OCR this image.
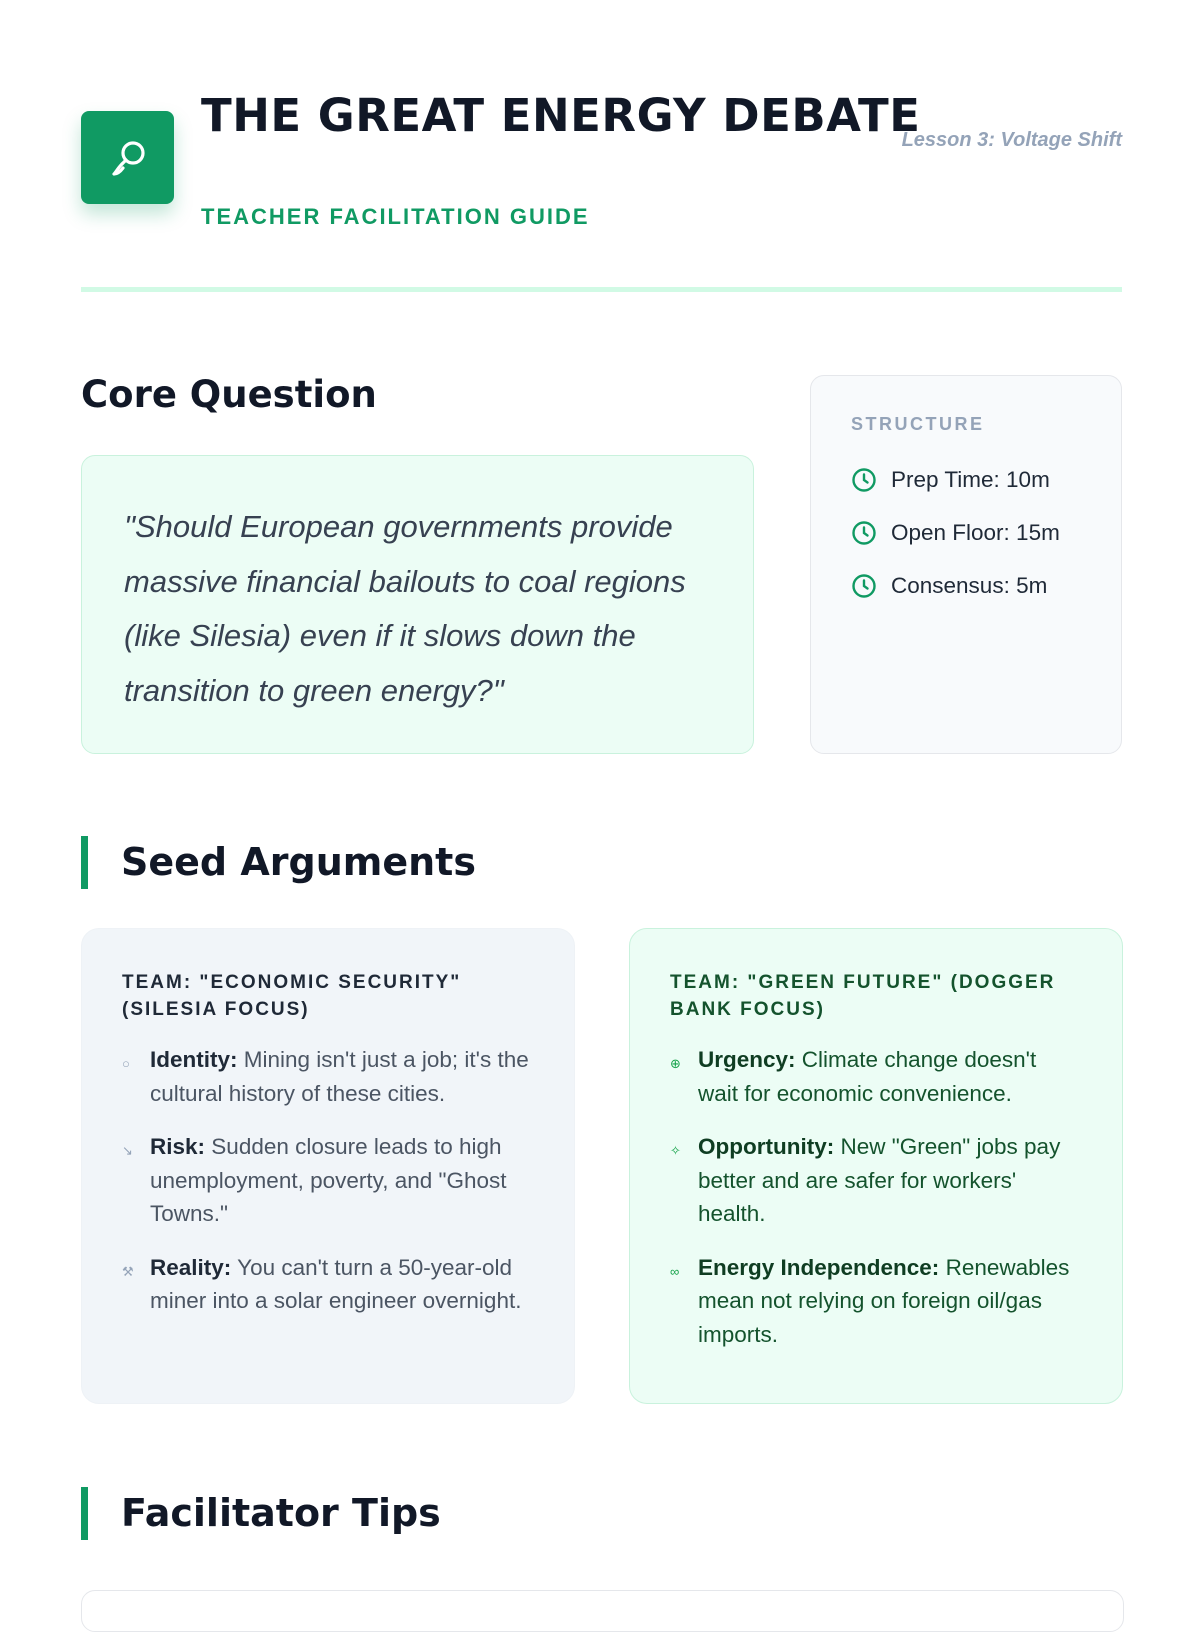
THE GREAT ENERGY DEBATE
TEACHER FACILITATION GUIDE
Lesson 3: Voltage Shift
Core Question
"Should European governments provide massive financial bailouts to coal regions (like Silesia) even if it slows down the transition to green energy?"
STRUCTURE
Prep Time: 10m
Open Floor: 15m
Consensus: 5m
Seed Arguments
TEAM: "ECONOMIC SECURITY" (SILESIA FOCUS)
○ Identity: Mining isn't just a job; it's the cultural history of these cities.
↘ Risk: Sudden closure leads to high unemployment, poverty, and "Ghost Towns."
⚒ Reality: You can't turn a 50-year-old miner into a solar engineer overnight.
TEAM: "GREEN FUTURE" (DOGGER BANK FOCUS)
⊕ Urgency: Climate change doesn't wait for economic convenience.
✧ Opportunity: New "Green" jobs pay better and are safer for workers' health.
∞ Energy Independence: Renewables mean not relying on foreign oil/gas imports.
Facilitator Tips
